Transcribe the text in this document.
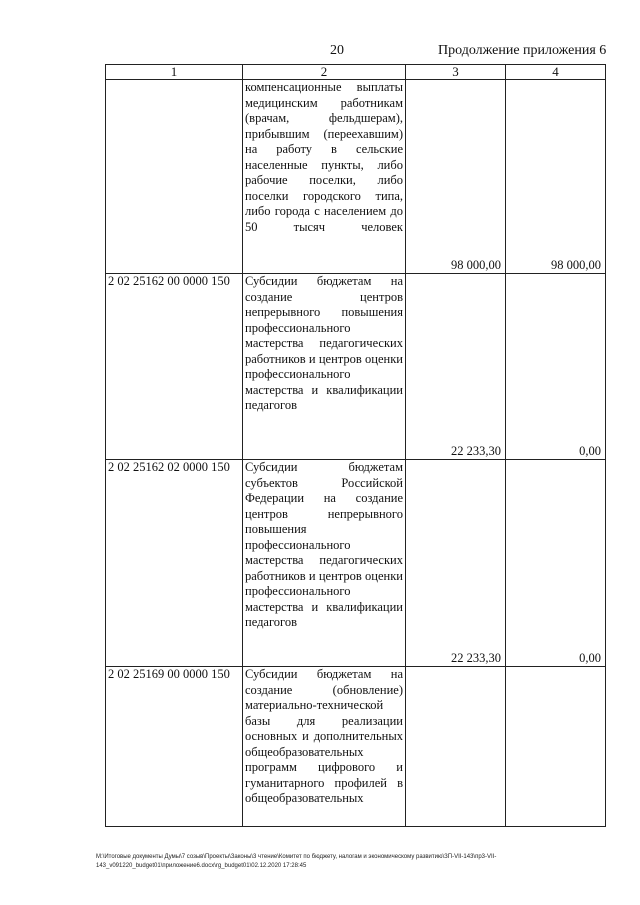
20	Продолжение приложения 6
1	2	3	4
	компенсационные выплаты медицинским работникам (врачам, фельдшерам), прибывшим (переехавшим) на работу в сельские населенные пункты, либо рабочие поселки, либо поселки городского типа, либо города с населением до 50 тысяч человек	98 000,00	98 000,00
2 02 25162 00 0000 150	Субсидии бюджетам на создание центров непрерывного повышения профессионального мастерства педагогических работников и центров оценки профессионального мастерства и квалификации педагогов	22 233,30	0,00
2 02 25162 02 0000 150	Субсидии бюджетам субъектов Российской Федерации на создание центров непрерывного повышения профессионального мастерства педагогических работников и центров оценки профессионального мастерства и квалификации педагогов	22 233,30	0,00
2 02 25169 00 0000 150	Субсидии бюджетам на создание (обновление) материально-технической базы для реализации основных и дополнительных общеобразовательных программ цифрового и гуманитарного профилей в общеобразовательных		
M:\Итоговые документы Думы\7 созыв\Проекты\Законы\3 чтение\Комитет по бюджету, налогам и экономическому развитию\ЗП-VII-143\пр3-VII-143_v091220_budget01\приложение6.docx\rg_budget01\02.12.2020 17:28:45
